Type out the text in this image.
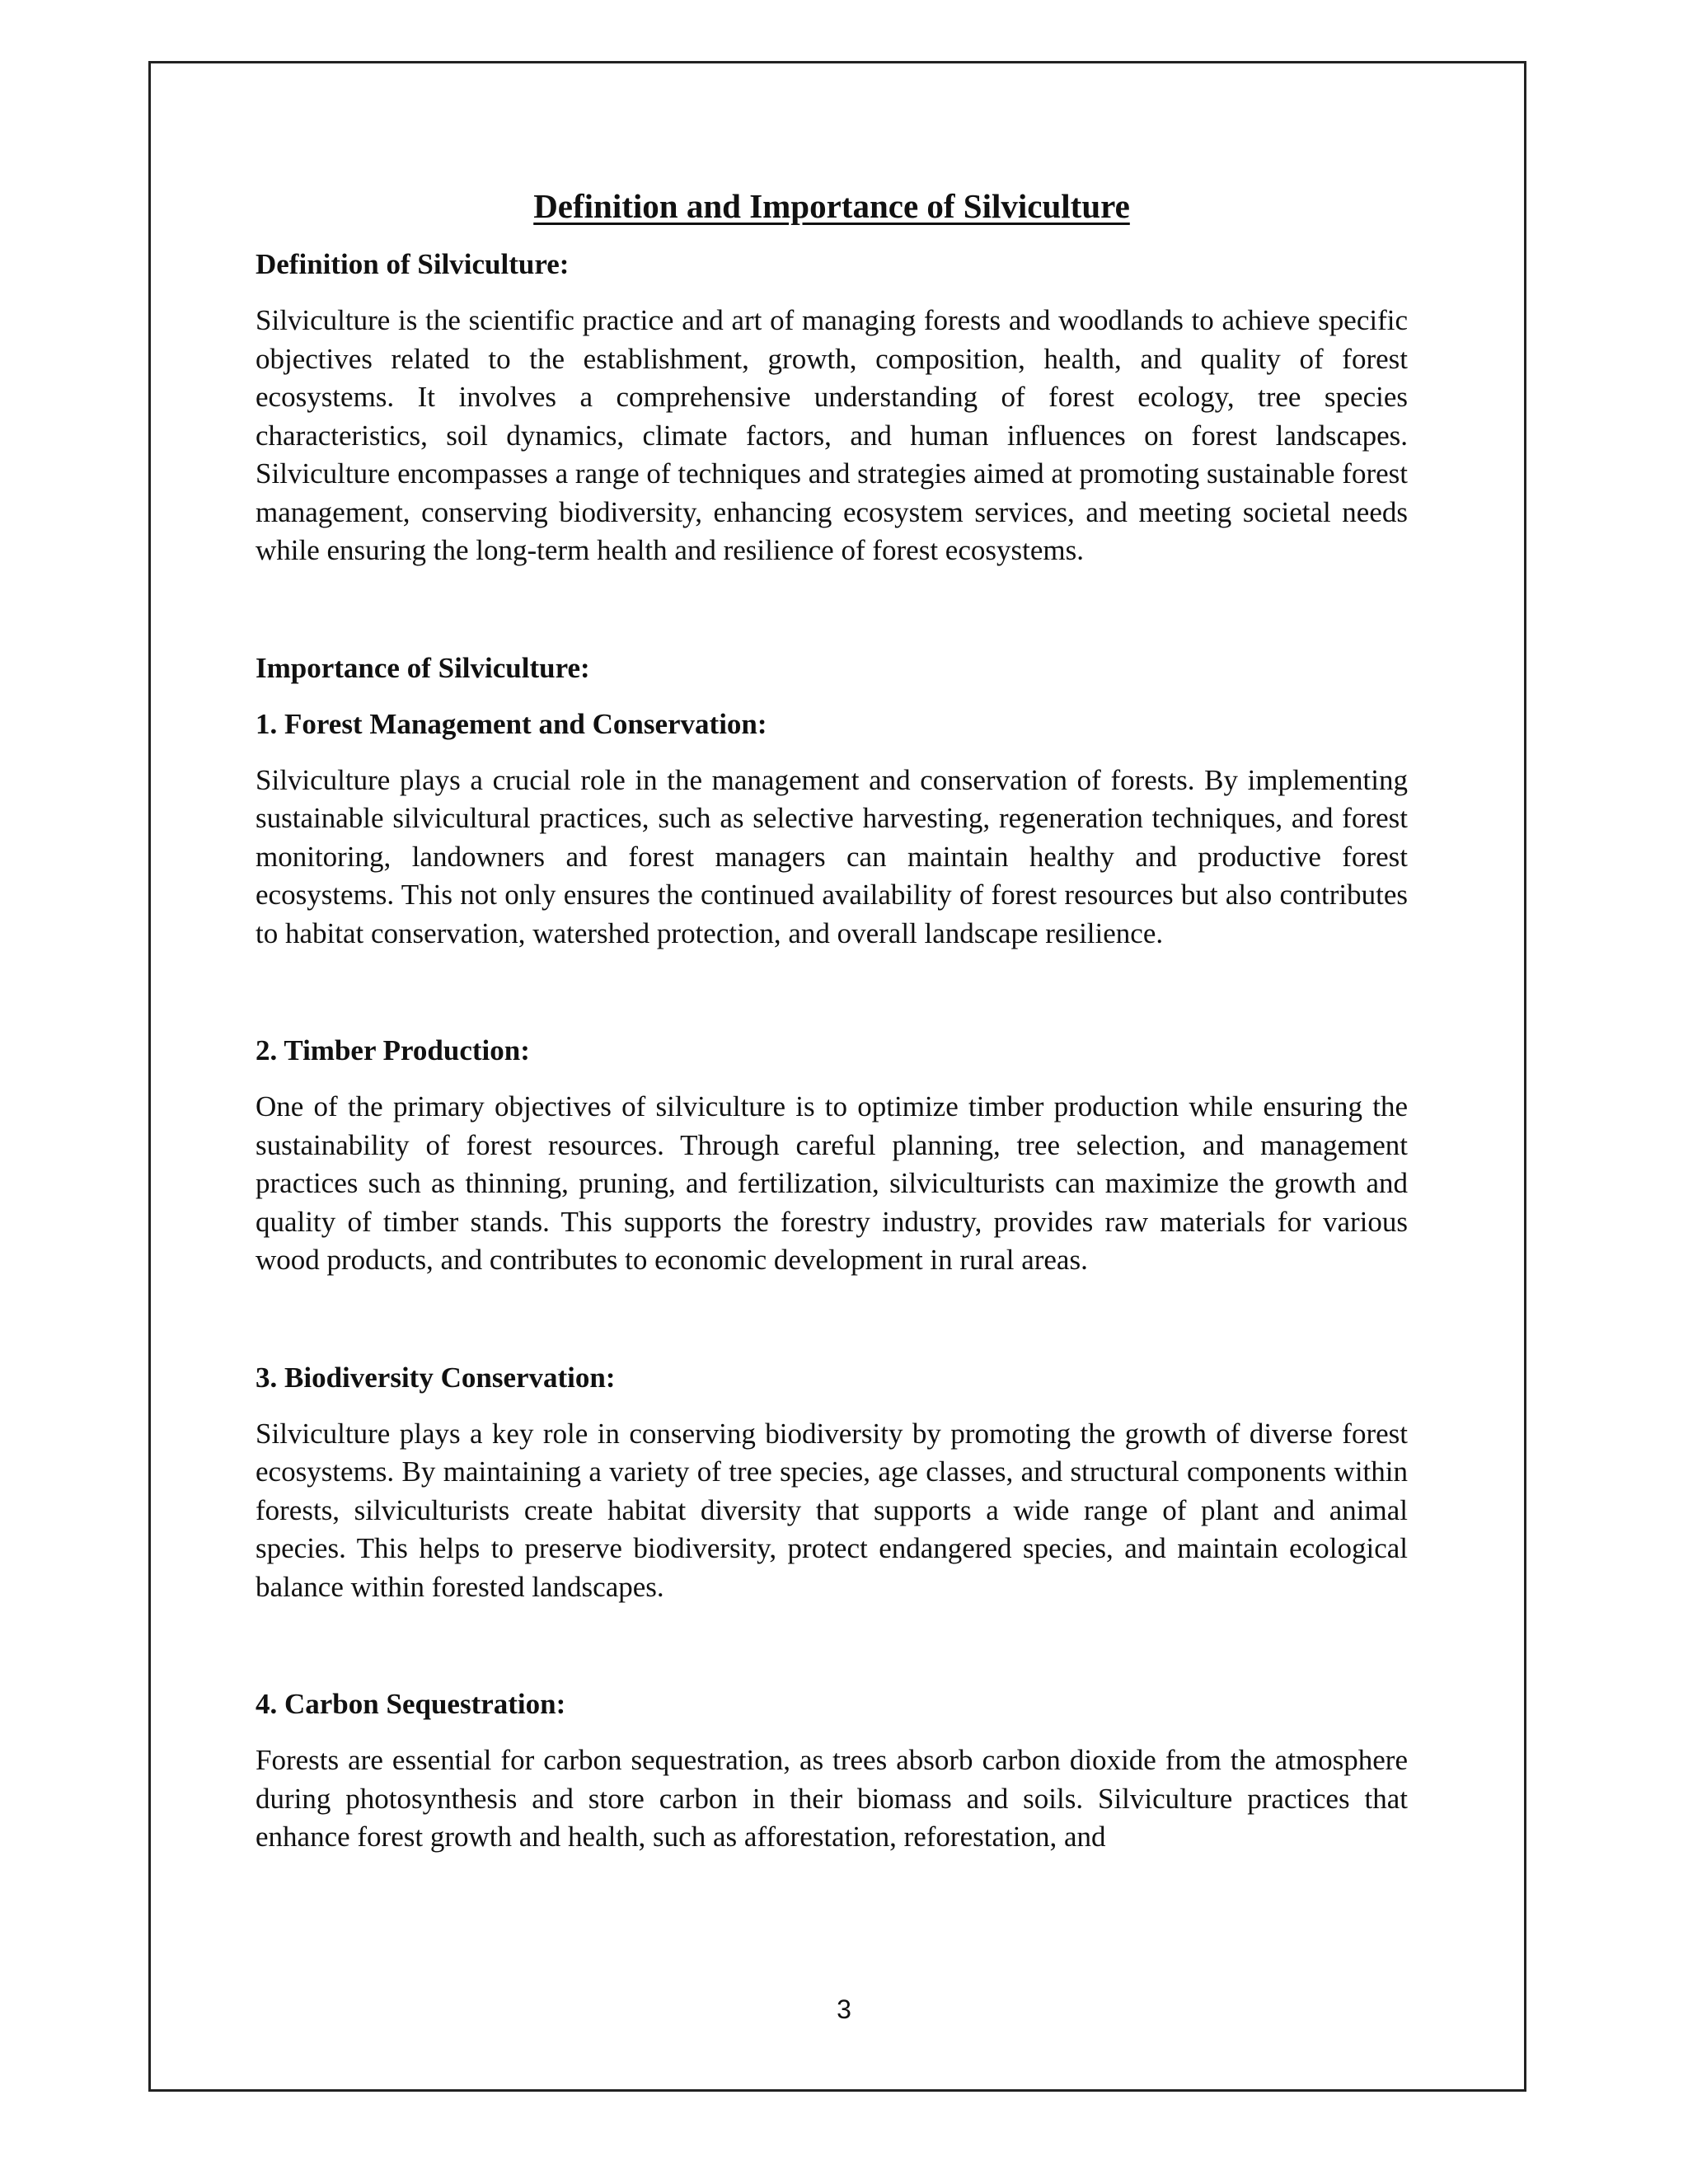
Definition and Importance of Silviculture
Definition of Silviculture:

Silviculture is the scientific practice and art of managing forests and woodlands to achieve specific objectives related to the establishment, growth, composition, health, and quality of forest ecosystems. It involves a comprehensive understanding of forest ecology, tree species characteristics, soil dynamics, climate factors, and human influences on forest landscapes. Silviculture encompasses a range of techniques and strategies aimed at promoting sustainable forest management, conserving biodiversity, enhancing ecosystem services, and meeting societal needs while ensuring the long-term health and resilience of forest ecosystems.

Importance of Silviculture:
1. Forest Management and Conservation:

Silviculture plays a crucial role in the management and conservation of forests. By implementing sustainable silvicultural practices, such as selective harvesting, regeneration techniques, and forest monitoring, landowners and forest managers can maintain healthy and productive forest ecosystems. This not only ensures the continued availability of forest resources but also contributes to habitat conservation, watershed protection, and overall landscape resilience.

2. Timber Production:

One of the primary objectives of silviculture is to optimize timber production while ensuring the sustainability of forest resources. Through careful planning, tree selection, and management practices such as thinning, pruning, and fertilization, silviculturists can maximize the growth and quality of timber stands. This supports the forestry industry, provides raw materials for various wood products, and contributes to economic development in rural areas.

3. Biodiversity Conservation:

Silviculture plays a key role in conserving biodiversity by promoting the growth of diverse forest ecosystems. By maintaining a variety of tree species, age classes, and structural components within forests, silviculturists create habitat diversity that supports a wide range of plant and animal species. This helps to preserve biodiversity, protect endangered species, and maintain ecological balance within forested landscapes.

4. Carbon Sequestration:

Forests are essential for carbon sequestration, as trees absorb carbon dioxide from the atmosphere during photosynthesis and store carbon in their biomass and soils. Silviculture practices that enhance forest growth and health, such as afforestation, reforestation, and

3
